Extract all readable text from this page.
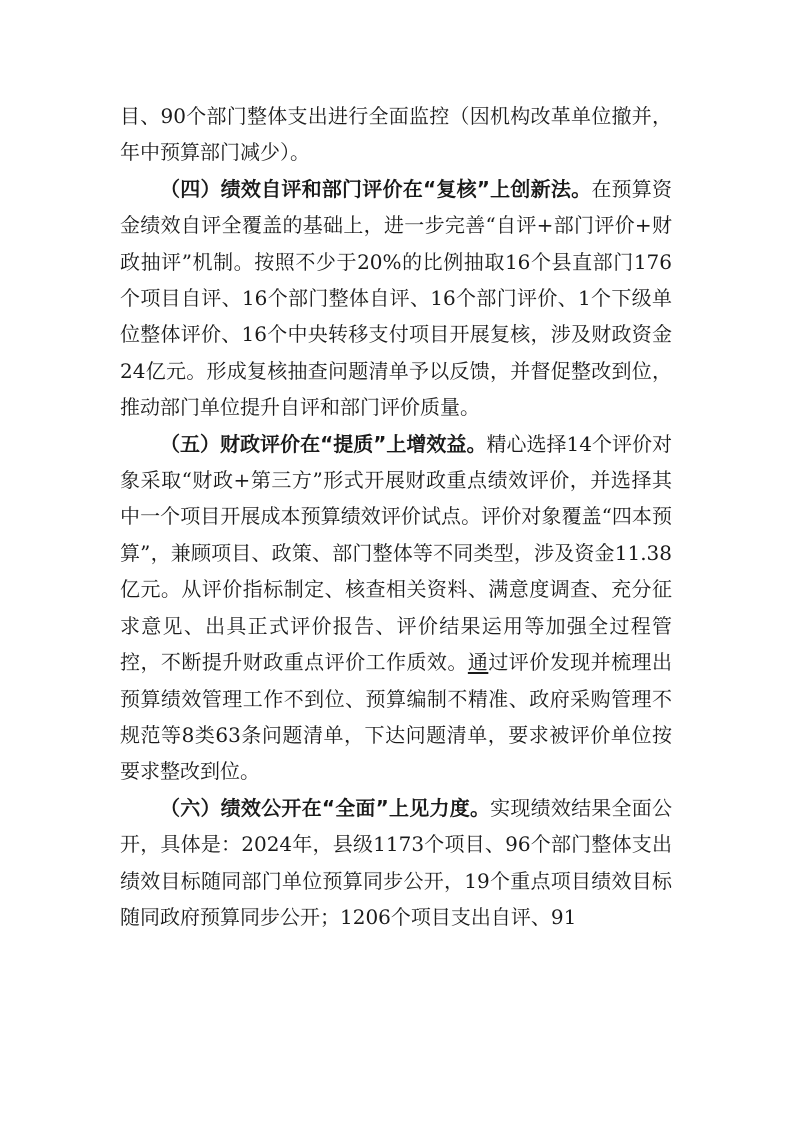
目、90个部门整体支出进行全面监控（因机构改革单位撤并，年中预算部门减少）。

（四）绩效自评和部门评价在“复核”上创新法。在预算资金绩效自评全覆盖的基础上，进一步完善“自评+部门评价+财政抽评”机制。按照不少于20%的比例抽取16个县直部门176个项目自评、16个部门整体自评、16个部门评价、1个下级单位整体评价、16个中央转移支付项目开展复核，涉及财政资金24亿元。形成复核抽查问题清单予以反馈，并督促整改到位，推动部门单位提升自评和部门评价质量。

（五）财政评价在“提质”上增效益。精心选择14个评价对象采取“财政+第三方”形式开展财政重点绩效评价，并选择其中一个项目开展成本预算绩效评价试点。评价对象覆盖“四本预算”，兼顾项目、政策、部门整体等不同类型，涉及资金11.38亿元。从评价指标制定、核查相关资料、满意度调查、充分征求意见、出具正式评价报告、评价结果运用等加强全过程管控，不断提升财政重点评价工作质效。通过评价发现并梳理出预算绩效管理工作不到位、预算编制不精准、政府采购管理不规范等8类63条问题清单，下达问题清单，要求被评价单位按要求整改到位。

（六）绩效公开在“全面”上见力度。实现绩效结果全面公开，具体是：2024年，县级1173个项目、96个部门整体支出绩效目标随同部门单位预算同步公开，19个重点项目绩效目标随同政府预算同步公开；1206个项目支出自评、91
